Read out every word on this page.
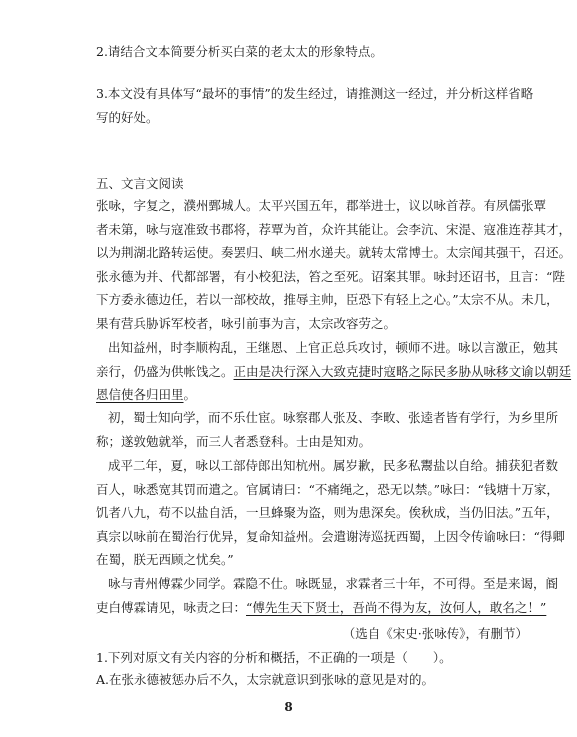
2.请结合文本简要分析买白菜的老太太的形象特点。

3.本文没有具体写“最坏的事情”的发生经过，请推测这一经过，并分析这样省略
写的好处。

五、文言文阅读

张咏，字复之，濮州鄄城人。太平兴国五年，郡举进士，议以咏首荐。有夙儒张覃
者未第，咏与寇准致书郡将，荐覃为首，众许其能让。会李沆、宋湜、寇准连荐其才，
以为荆湖北路转运使。奏罢归、峡二州水递夫。就转太常博士。太宗闻其强干，召还。
张永德为并、代都部署，有小校犯法，笞之至死。诏案其罪。咏封还诏书，且言：“陛
下方委永德边任，若以一部校故，推辱主帅，臣恐下有轻上之心。”太宗不从。未几，
果有营兵胁诉军校者，咏引前事为言，太宗改容劳之。
出知益州，时李顺构乱，王继恩、上官正总兵攻讨，顿师不进。咏以言激正，勉其
亲行，仍盛为供帐饯之。正由是决行深入大致克捷时寇略之际民多胁从咏移文谕以朝廷
恩信使各归田里。
初，蜀士知向学，而不乐仕宦。咏察郡人张及、李畋、张逵者皆有学行，为乡里所
称；遂敦勉就举，而三人者悉登科。士由是知劝。
成平二年，夏，咏以工部侍郎出知杭州。属岁歉，民多私鬻盐以自给。捕获犯者数
百人，咏悉宽其罚而遣之。官属请曰：“不痛绳之，恐无以禁。”咏曰：“钱塘十万家，
饥者八九，苟不以盐自活，一旦蜂聚为盗，则为患深矣。俟秋成，当仍旧法。”五年，
真宗以咏前在蜀治行优异，复命知益州。会遣谢涛巡抚西蜀，上因令传谕咏曰：“得卿
在蜀，朕无西顾之忧矣。”
咏与青州傅霖少同学。霖隐不仕。咏既显，求霖者三十年，不可得。至是来谒，阍
吏白傅霖请见，咏责之曰：“傅先生天下贤士，吾尚不得为友，汝何人，敢名之！”

（选自《宋史·张咏传》，有删节）

1.下列对原文有关内容的分析和概括，不正确的一项是（　　）。

A.在张永德被惩办后不久，太宗就意识到张咏的意见是对的。

8
